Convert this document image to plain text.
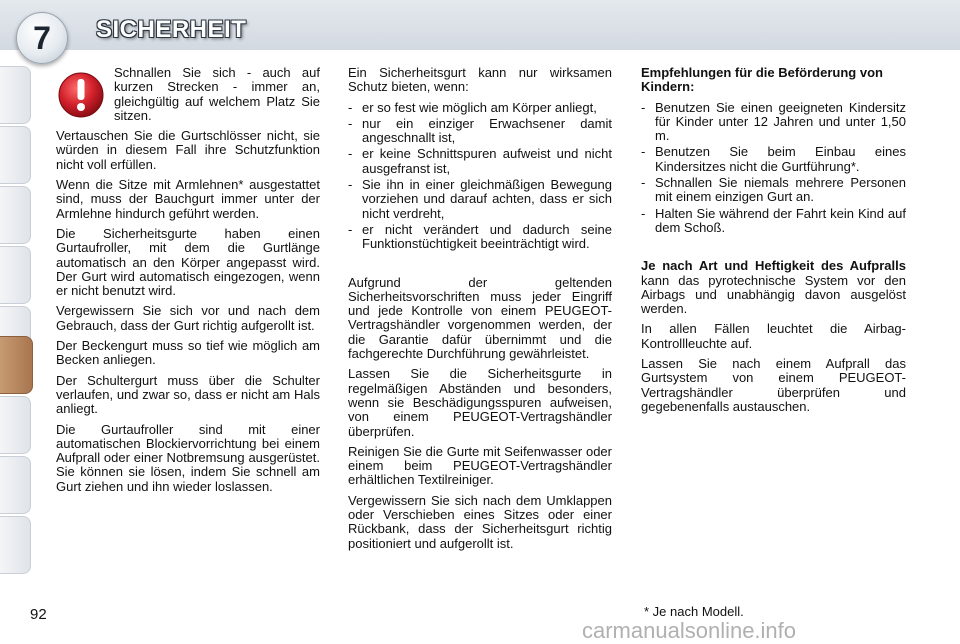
7	SICHERHEIT
Schnallen Sie sich - auch auf kurzen Strecken - immer an, gleichgültig auf welchem Platz Sie sitzen.

Vertauschen Sie die Gurtschlösser nicht, sie würden in diesem Fall ihre Schutzfunktion nicht voll erfüllen.

Wenn die Sitze mit Armlehnen* ausgestattet sind, muss der Bauchgurt immer unter der Armlehne hindurch geführt werden.

Die Sicherheitsgurte haben einen Gurtaufroller, mit dem die Gurtlänge automatisch an den Körper angepasst wird. Der Gurt wird automatisch eingezogen, wenn er nicht benutzt wird.

Vergewissern Sie sich vor und nach dem Gebrauch, dass der Gurt richtig aufgerollt ist.

Der Beckengurt muss so tief wie möglich am Becken anliegen.

Der Schultergurt muss über die Schulter verlaufen, und zwar so, dass er nicht am Hals anliegt.

Die Gurtaufroller sind mit einer automatischen Blockiervorrichtung bei einem Aufprall oder einer Notbremsung ausgerüstet. Sie können sie lösen, indem Sie schnell am Gurt ziehen und ihn wieder loslassen.

Ein Sicherheitsgurt kann nur wirksamen Schutz bieten, wenn:

- er so fest wie möglich am Körper anliegt,
- nur ein einziger Erwachsener damit angeschnallt ist,
- er keine Schnittspuren aufweist und nicht ausgefranst ist,
- Sie ihn in einer gleichmäßigen Bewegung vorziehen und darauf achten, dass er sich nicht verdreht,
- er nicht verändert und dadurch seine Funktionstüchtigkeit beeinträchtigt wird.

Aufgrund der geltenden Sicherheitsvorschriften muss jeder Eingriff und jede Kontrolle von einem PEUGEOT-Vertragshändler vorgenommen werden, der die Garantie dafür übernimmt und die fachgerechte Durchführung gewährleistet.

Lassen Sie die Sicherheitsgurte in regelmäßigen Abständen und besonders, wenn sie Beschädigungsspuren aufweisen, von einem PEUGEOT-Vertragshändler überprüfen.

Reinigen Sie die Gurte mit Seifenwasser oder einem beim PEUGEOT-Vertragshändler erhältlichen Textilreiniger.

Vergewissern Sie sich nach dem Umklappen oder Verschieben eines Sitzes oder einer Rückbank, dass der Sicherheitsgurt richtig positioniert und aufgerollt ist.

Empfehlungen für die Beförderung von Kindern:

- Benutzen Sie einen geeigneten Kindersitz für Kinder unter 12 Jahren und unter 1,50 m.
- Benutzen Sie beim Einbau eines Kindersitzes nicht die Gurtführung*.
- Schnallen Sie niemals mehrere Personen mit einem einzigen Gurt an.
- Halten Sie während der Fahrt kein Kind auf dem Schoß.

Je nach Art und Heftigkeit des Aufpralls kann das pyrotechnische System vor den Airbags und unabhängig davon ausgelöst werden.

In allen Fällen leuchtet die Airbag-Kontrollleuchte auf.

Lassen Sie nach einem Aufprall das Gurtsystem von einem PEUGEOT-Vertragshändler überprüfen und gegebenenfalls austauschen.

92	* Je nach Modell.
carmanualsonline.info
